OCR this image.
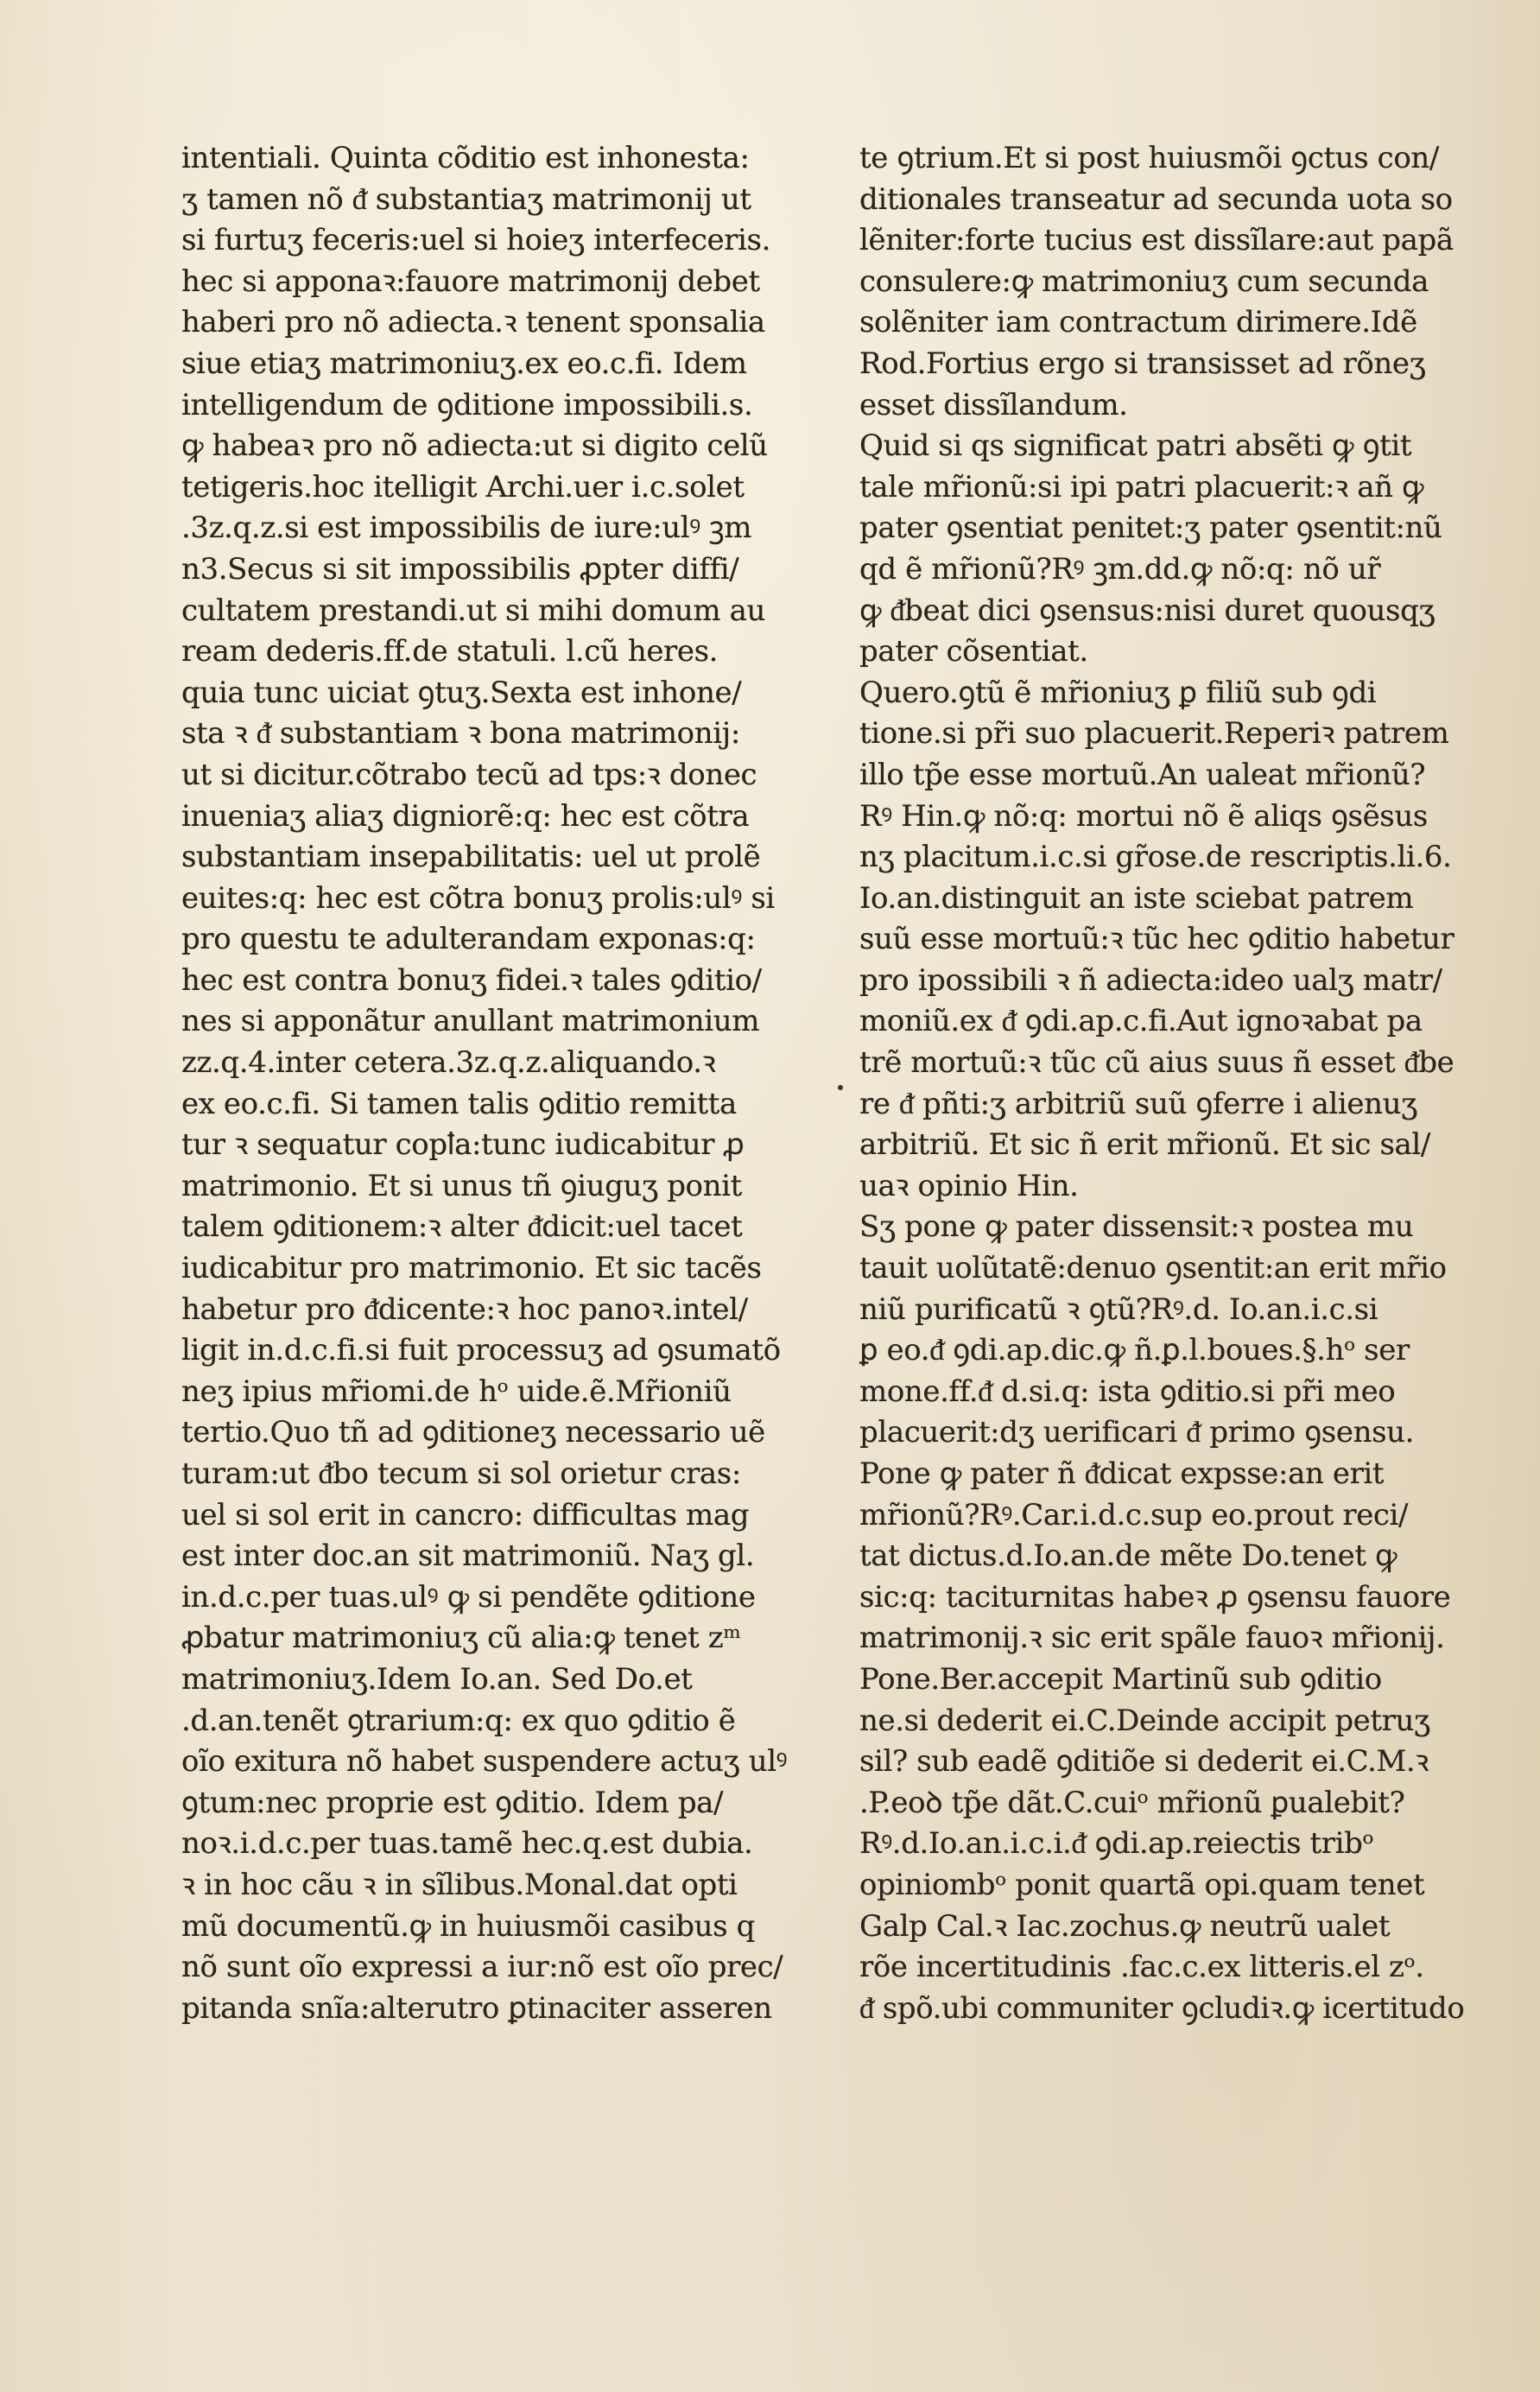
intentiali. Quinta cõditio est inhonesta:
ʒ tamen nõ ᵭ substantiaʒ matrimonij ut
si furtuʒ feceris:uel si hoieʒ interfeceris.
hec si apponaꝛ:fauore matrimonij debet
haberi pro nõ adiecta.ꝛ tenent sponsalia
siue etiaʒ matrimoniuʒ.ex eo.c.fi. Idem
intelligendum de ꝯditione impossibili.s.
ꝙ habeaꝛ pro nõ adiecta:ut si digito celũ
tetigeris.hoc itelligit Archi.uer i.c.solet
.3z.q.z.si est impossibilis de iure:ulꝰ ꝫm
n3.Secus si sit impossibilis ꝓpter diffi/
cultatem prestandi.ut si mihi domum au
ream dederis.ff.de statuli. l.cũ heres.
quia tunc uiciat ꝯtuʒ.Sexta est inhone/
sta ꝛ ᵭ substantiam ꝛ bona matrimonij:
ut si dicitur.cõtrabo tecũ ad tps:ꝛ donec
inueniaʒ aliaʒ digniorẽ:q: hec est cõtra
substantiam insepabilitatis: uel ut prolẽ
euites:q: hec est cõtra bonuʒ prolis:ulꝰ si
pro questu te adulterandam exponas:q:
hec est contra bonuʒ fidei.ꝛ tales ꝯditio/
nes si apponãtur anullant matrimonium
zz.q.4.inter cetera.3z.q.z.aliquando.ꝛ
ex eo.c.fi. Si tamen talis ꝯditio remitta
tur ꝛ sequatur copꝉa:tunc iudicabitur ꝓ
matrimonio. Et si unus tñ ꝯiuguʒ ponit
talem ꝯditionem:ꝛ alter ᵭdicit:uel tacet
iudicabitur pro matrimonio. Et sic tacẽs
habetur pro ᵭdicente:ꝛ hoc panoꝛ.intel/
ligit in.d.c.fi.si fuit processuʒ ad ꝯsumatõ
neʒ ipius mr̃iomi.de hᵒ uide.ẽ.Mr̃ioniũ
tertio.Quo tñ ad ꝯditioneʒ necessario uẽ
turam:ut ᵭbo tecum si sol orietur cras:
uel si sol erit in cancro: difficultas mag
est inter doc.an sit matrimoniũ. Naʒ gl.
in.d.c.per tuas.ulꝰ ꝙ si pendẽte ꝯditione
ꝓbatur matrimoniuʒ cũ alia:ꝙ tenet zᵐ
matrimoniuʒ.Idem Io.an. Sed Do.et
.d.an.tenẽt ꝯtrarium:q: ex quo ꝯditio ẽ
oĩo exitura nõ habet suspendere actuʒ ulꝰ
ꝯtum:nec proprie est ꝯditio. Idem pa/
noꝛ.i.d.c.per tuas.tamẽ hec.q.est dubia.
ꝛ in hoc cãu ꝛ in sĩlibus.Monal.dat opti
mũ documentũ.ꝙ in huiusmõi casibus q
nõ sunt oĩo expressi a iur:nõ est oĩo prec/
pitanda snĩa:alterutro ꝑtinaciter asseren
te ꝯtrium.Et si post huiusmõi ꝯctus con/
ditionales transeatur ad secunda uota so
lẽniter:forte tucius est dissĩlare:aut papã
consulere:ꝙ matrimoniuʒ cum secunda
solẽniter iam contractum dirimere.Idẽ
Rod.Fortius ergo si transisset ad rõneʒ
esset dissĩlandum.
Quid si qs significat patri absẽti ꝙ ꝯtit
tale mr̃ionũ:si ipi patri placuerit:ꝛ añ ꝙ
pater ꝯsentiat penitet:ʒ pater ꝯsentit:nũ
qd ẽ mr̃ionũ?Rꝰ ꝫm.dd.ꝙ nõ:q: nõ ur̃
ꝙ ᵭbeat dici ꝯsensus:nisi duret quousqʒ
pater cõsentiat.
Quero.ꝯtũ ẽ mr̃ioniuʒ ꝑ filiũ sub ꝯdi
tione.si pr̃i suo placuerit.Reperiꝛ patrem
illo tp̃e esse mortuũ.An ualeat mr̃ionũ?
Rꝰ Hin.ꝙ nõ:q: mortui nõ ẽ aliqs ꝯsẽsus
nʒ placitum.i.c.si gr̃ose.de rescriptis.li.6.
Io.an.distinguit an iste sciebat patrem
suũ esse mortuũ:ꝛ tũc hec ꝯditio habetur
pro ipossibili ꝛ ñ adiecta:ideo ualʒ matr/
moniũ.ex ᵭ ꝯdi.ap.c.fi.Aut ignoꝛabat pa
trẽ mortuũ:ꝛ tũc cũ aius suus ñ esset ᵭbe
re ᵭ pñti:ʒ arbitriũ suũ ꝯferre i alienuʒ
arbitriũ. Et sic ñ erit mr̃ionũ. Et sic sal/
uaꝛ opinio Hin.
Sʒ pone ꝙ pater dissensit:ꝛ postea mu
tauit uolũtatẽ:denuo ꝯsentit:an erit mr̃io
niũ purificatũ ꝛ ꝯtũ?Rꝰ.d. Io.an.i.c.si
ꝑ eo.ᵭ ꝯdi.ap.dic.ꝙ ñ.ꝑ.l.boues.§.hᵒ ser
mone.ff.ᵭ d.si.q: ista ꝯditio.si pr̃i meo
placuerit:dʒ uerificari ᵭ primo ꝯsensu.
Pone ꝙ pater ñ ᵭdicat expsse:an erit
mr̃ionũ?Rꝰ.Car.i.d.c.sup eo.prout reci/
tat dictus.d.Io.an.de mẽte Do.tenet ꝙ
sic:q: taciturnitas habeꝛ ꝓ ꝯsensu fauore
matrimonij.ꝛ sic erit spãle fauoꝛ mr̃ionij.
Pone.Ber.accepit Martinũ sub ꝯditio
ne.si dederit ei.C.Deinde accipit petruʒ
sil? sub eadẽ ꝯditiõe si dederit ei.C.M.ꝛ
.P.eoꝺ tp̃e dãt.C.cuiᵒ mr̃ionũ ꝑualebit?
Rꝰ.d.Io.an.i.c.i.ᵭ ꝯdi.ap.reiectis tribᵒ
opiniombᵒ ponit quartã opi.quam tenet
Galp Cal.ꝛ Iac.zochus.ꝙ neutrũ ualet
rõe incertitudinis .fac.c.ex litteris.el zᵒ.
ᵭ spõ.ubi communiter ꝯcludiꝛ.ꝙ icertitudo
